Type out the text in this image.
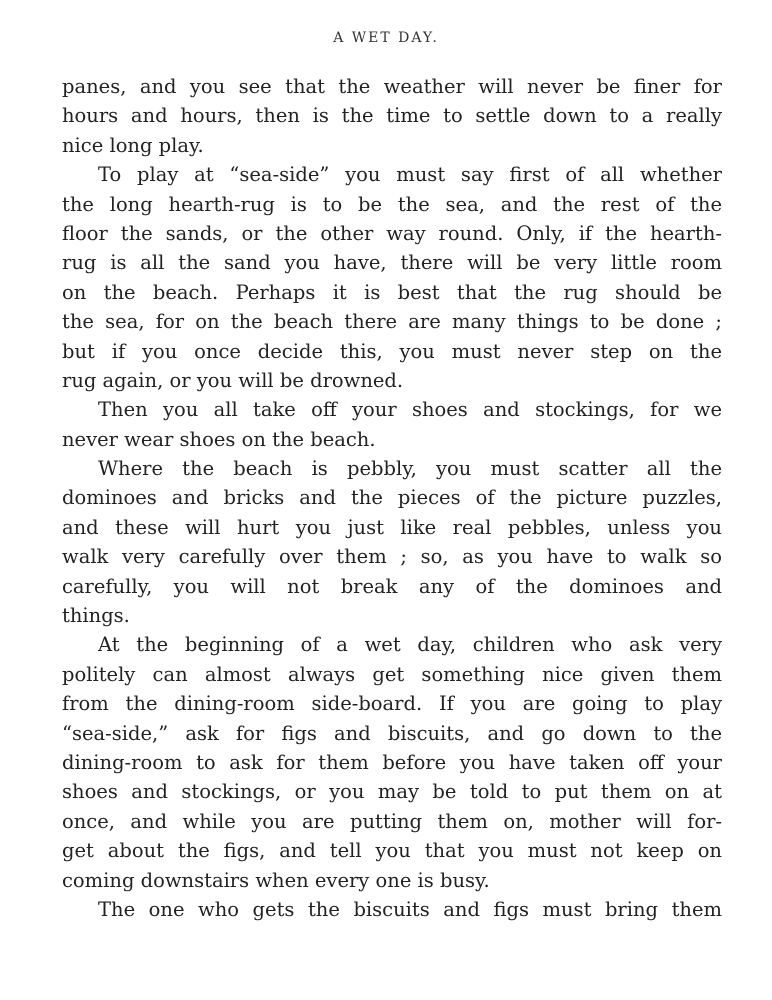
A WET DAY.
panes, and you see that the weather will never be finer for
hours and hours, then is the time to settle down to a really
nice long play.
To play at “sea-side” you must say first of all whether
the long hearth-rug is to be the sea, and the rest of the
floor the sands, or the other way round. Only, if the hearth-
rug is all the sand you have, there will be very little room
on the beach. Perhaps it is best that the rug should be
the sea, for on the beach there are many things to be done ;
but if you once decide this, you must never step on the
rug again, or you will be drowned.
Then you all take off your shoes and stockings, for we
never wear shoes on the beach.
Where the beach is pebbly, you must scatter all the
dominoes and bricks and the pieces of the picture puzzles,
and these will hurt you just like real pebbles, unless you
walk very carefully over them ; so, as you have to walk so
carefully, you will not break any of the dominoes and
things.
At the beginning of a wet day, children who ask very
politely can almost always get something nice given them
from the dining-room side-board. If you are going to play
“sea-side,” ask for figs and biscuits, and go down to the
dining-room to ask for them before you have taken off your
shoes and stockings, or you may be told to put them on at
once, and while you are putting them on, mother will for-
get about the figs, and tell you that you must not keep on
coming downstairs when every one is busy.
The one who gets the biscuits and figs must bring them
